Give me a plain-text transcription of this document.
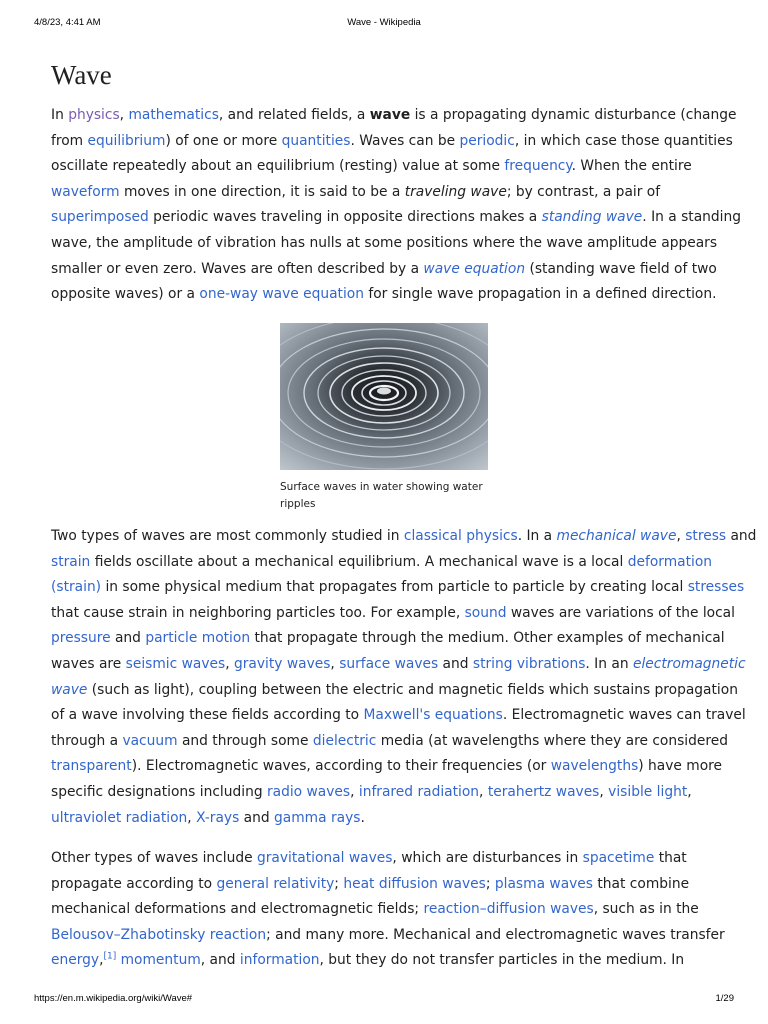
4/8/23, 4:41 AM	Wave - Wikipedia
Wave

In physics, mathematics, and related fields, a wave is a propagating dynamic disturbance (change
from equilibrium) of one or more quantities. Waves can be periodic, in which case those quantities
oscillate repeatedly about an equilibrium (resting) value at some frequency. When the entire
waveform moves in one direction, it is said to be a traveling wave; by contrast, a pair of
superimposed periodic waves traveling in opposite directions makes a standing wave. In a standing
wave, the amplitude of vibration has nulls at some positions where the wave amplitude appears
smaller or even zero. Waves are often described by a wave equation (standing wave field of two
opposite waves) or a one-way wave equation for single wave propagation in a defined direction.

Surface waves in water showing water
ripples

Two types of waves are most commonly studied in classical physics. In a mechanical wave, stress and
strain fields oscillate about a mechanical equilibrium. A mechanical wave is a local deformation
(strain) in some physical medium that propagates from particle to particle by creating local stresses
that cause strain in neighboring particles too. For example, sound waves are variations of the local
pressure and particle motion that propagate through the medium. Other examples of mechanical
waves are seismic waves, gravity waves, surface waves and string vibrations. In an electromagnetic
wave (such as light), coupling between the electric and magnetic fields which sustains propagation
of a wave involving these fields according to Maxwell's equations. Electromagnetic waves can travel
through a vacuum and through some dielectric media (at wavelengths where they are considered
transparent). Electromagnetic waves, according to their frequencies (or wavelengths) have more
specific designations including radio waves, infrared radiation, terahertz waves, visible light,
ultraviolet radiation, X-rays and gamma rays.

Other types of waves include gravitational waves, which are disturbances in spacetime that
propagate according to general relativity; heat diffusion waves; plasma waves that combine
mechanical deformations and electromagnetic fields; reaction–diffusion waves, such as in the
Belousov–Zhabotinsky reaction; and many more. Mechanical and electromagnetic waves transfer
energy,[1] momentum, and information, but they do not transfer particles in the medium. In

https://en.m.wikipedia.org/wiki/Wave#	1/29
